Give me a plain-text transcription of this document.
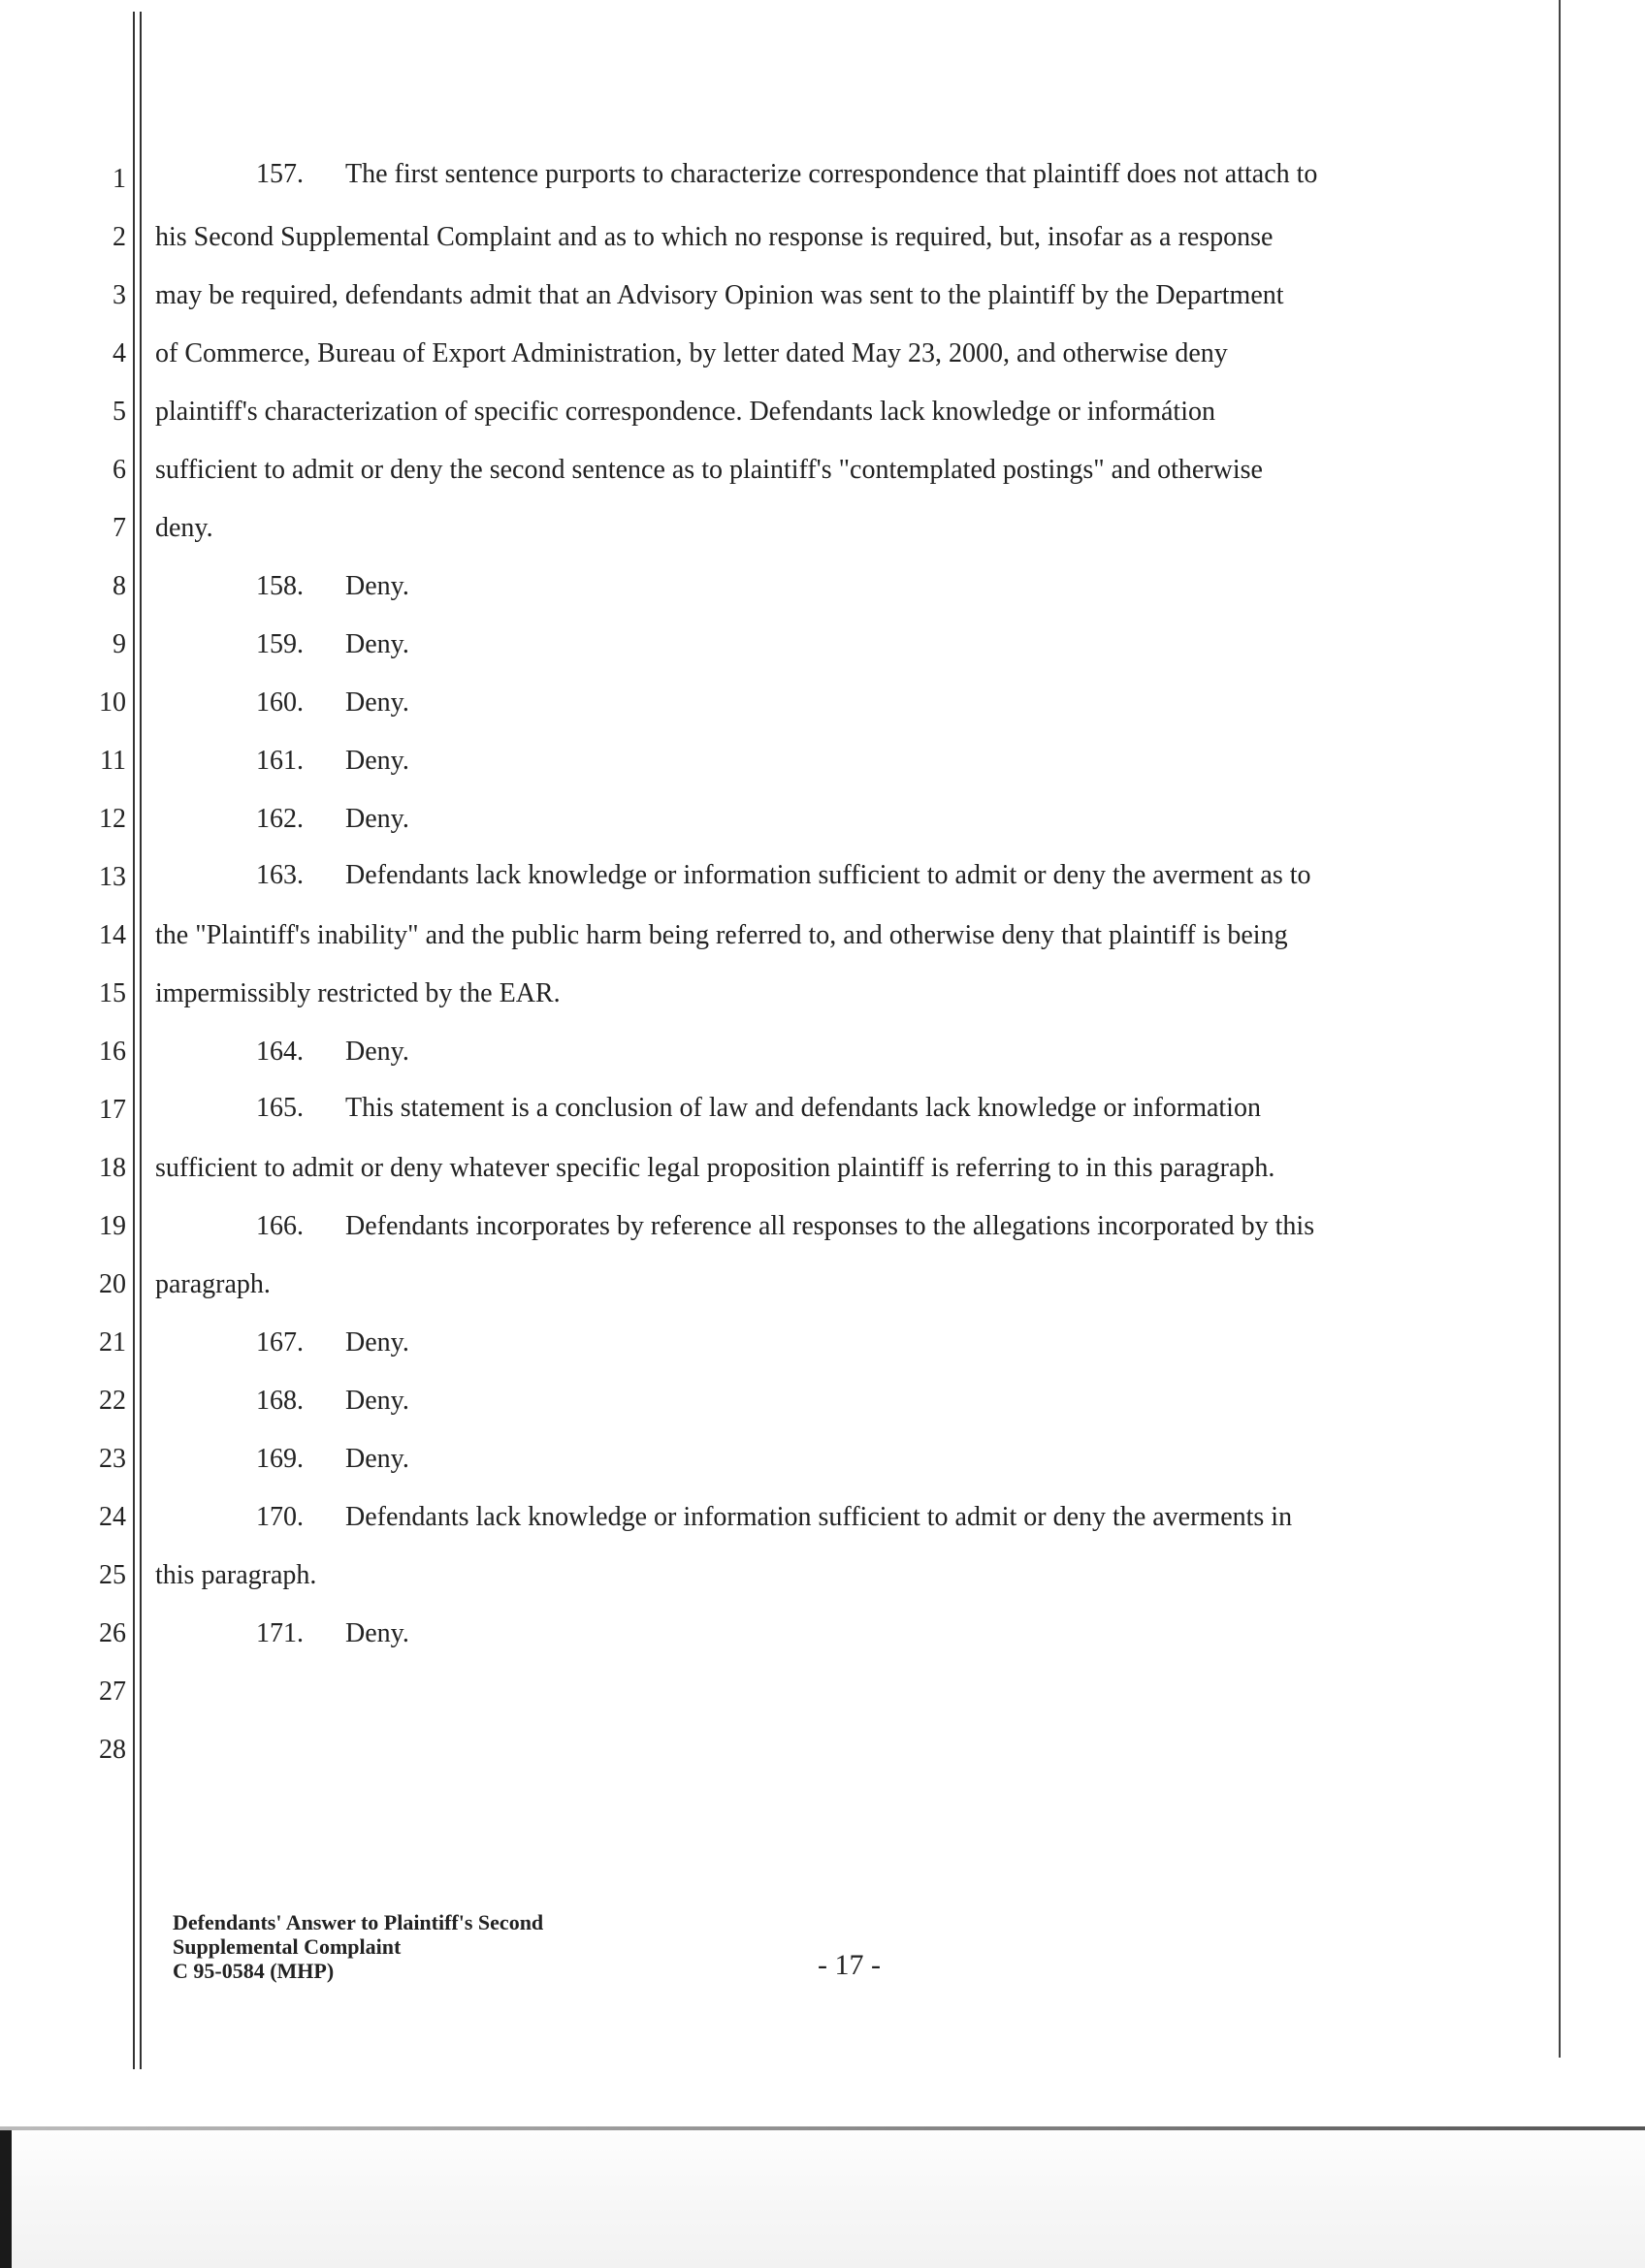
1
2
3
4
5
6
7
8
9
10
11
12
13
14
15
16
17
18
19
20
21
22
23
24
25
26
27
28
157. The first sentence purports to characterize correspondence that plaintiff does not attach to
his Second Supplemental Complaint and as to which no response is required, but, insofar as a response
may be required, defendants admit that an Advisory Opinion was sent to the plaintiff by the Department
of Commerce, Bureau of Export Administration, by letter dated May 23, 2000, and otherwise deny
plaintiff's characterization of specific correspondence. Defendants lack knowledge or informátion
sufficient to admit or deny the second sentence as to plaintiff's "contemplated postings" and otherwise
deny.
158. Deny.
159. Deny.
160. Deny.
161. Deny.
162. Deny.
163. Defendants lack knowledge or information sufficient to admit or deny the averment as to
the "Plaintiff's inability" and the public harm being referred to, and otherwise deny that plaintiff is being
impermissibly restricted by the EAR.
164. Deny.
165. This statement is a conclusion of law and defendants lack knowledge or information
sufficient to admit or deny whatever specific legal proposition plaintiff is referring to in this paragraph.
166. Defendants incorporates by reference all responses to the allegations incorporated by this
paragraph.
167. Deny.
168. Deny.
169. Deny.
170. Defendants lack knowledge or information sufficient to admit or deny the averments in
this paragraph.
171. Deny.
Defendants' Answer to Plaintiff's Second
Supplemental Complaint
C 95-0584 (MHP)	- 17 -
